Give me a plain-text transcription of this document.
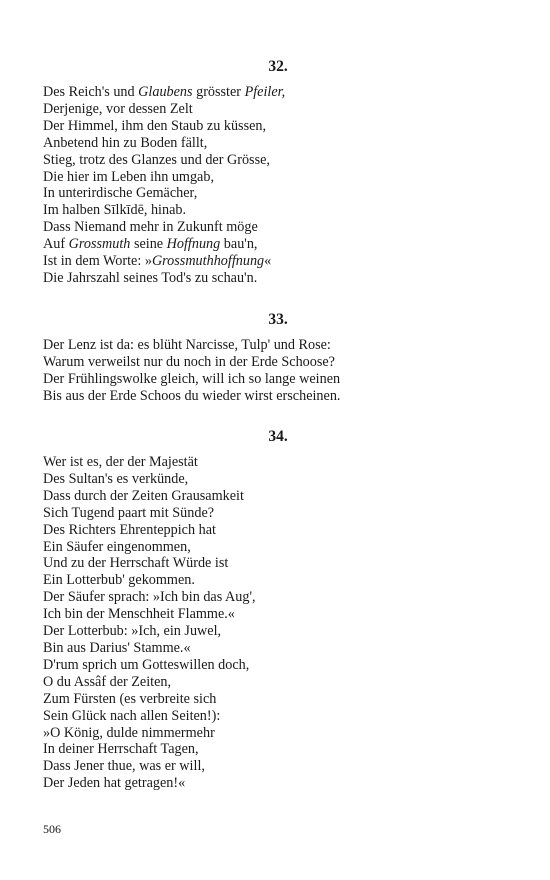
32.
Des Reich's und Glaubens grösster Pfeiler,
Derjenige, vor dessen Zelt
Der Himmel, ihm den Staub zu küssen,
Anbetend hin zu Boden fällt,
Stieg, trotz des Glanzes und der Grösse,
Die hier im Leben ihn umgab,
In unterirdische Gemächer,
Im halben Sīlkīdē, hinab.
Dass Niemand mehr in Zukunft möge
Auf Grossmuth seine Hoffnung bau'n,
Ist in dem Worte: »Grossmuthhoffnung«
Die Jahrszahl seines Tod's zu schau'n.
33.
Der Lenz ist da: es blüht Narcisse, Tulp' und Rose:
Warum verweilst nur du noch in der Erde Schoose?
Der Frühlingswolke gleich, will ich so lange weinen
Bis aus der Erde Schoos du wieder wirst erscheinen.
34.
Wer ist es, der der Majestät
Des Sultan's es verkünde,
Dass durch der Zeiten Grausamkeit
Sich Tugend paart mit Sünde?
Des Richters Ehrenteppich hat
Ein Säufer eingenommen,
Und zu der Herrschaft Würde ist
Ein Lotterbub' gekommen.
Der Säufer sprach: »Ich bin das Aug',
Ich bin der Menschheit Flamme.«
Der Lotterbub: »Ich, ein Juwel,
Bin aus Darius' Stamme.«
D'rum sprich um Gotteswillen doch,
O du Assâf der Zeiten,
Zum Fürsten (es verbreite sich
Sein Glück nach allen Seiten!):
»O König, dulde nimmermehr
In deiner Herrschaft Tagen,
Dass Jener thue, was er will,
Der Jeden hat getragen!«
506
